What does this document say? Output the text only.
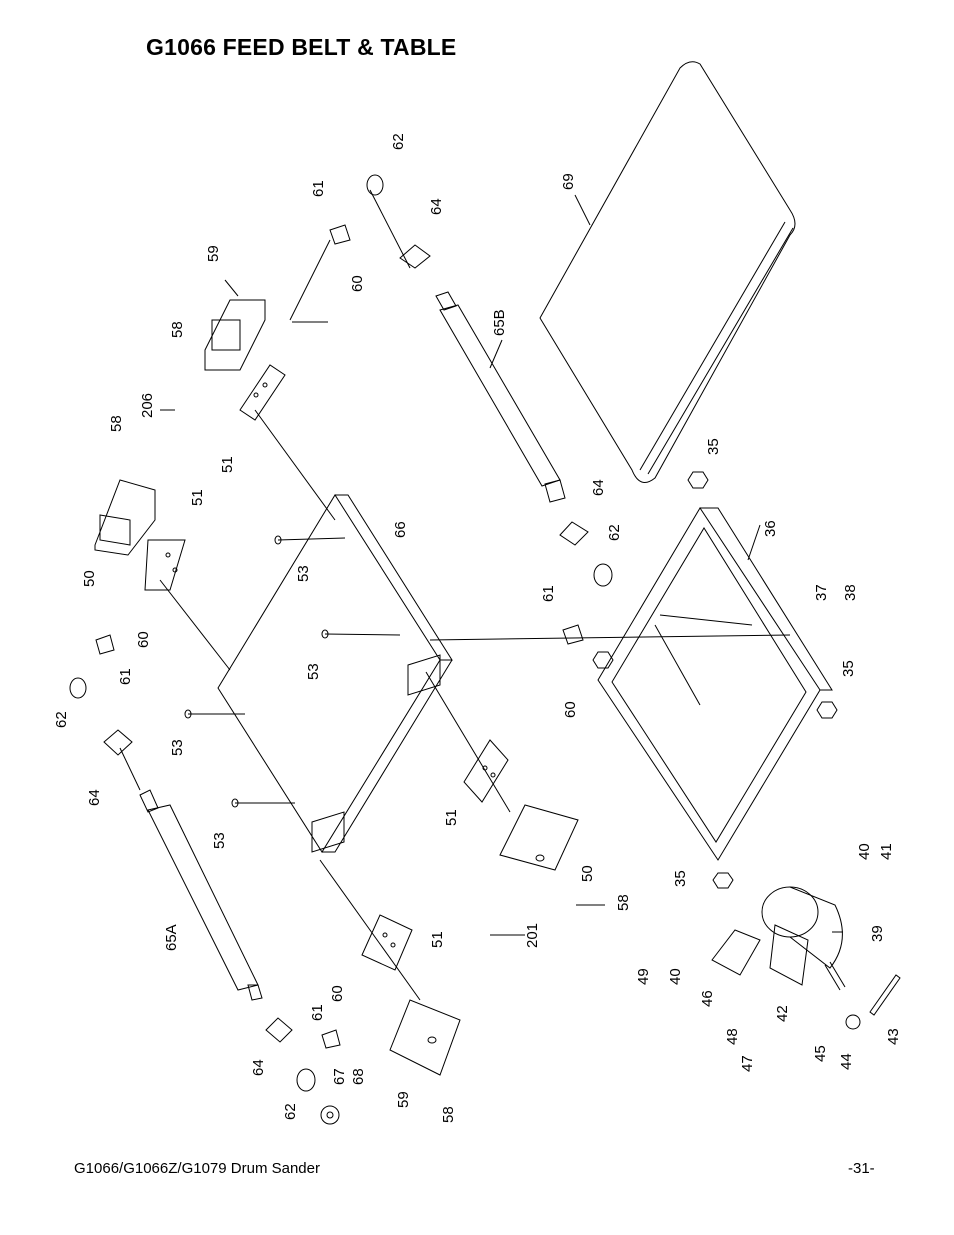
G1066 FEED BELT & TABLE
62
61
64
69
60
59
58	65B
206
51
58
35
51
64
36
66	62
53
50
61	37 38
60
53	35
61
62
60
53
64
51
53
40 41
50	35
58
39
65A	201
51
49 40
60	46
61	42
43
48
45 44
47
64
67 68
59
62	58
G1066/G1066Z/G1079 Drum Sander	-31-
